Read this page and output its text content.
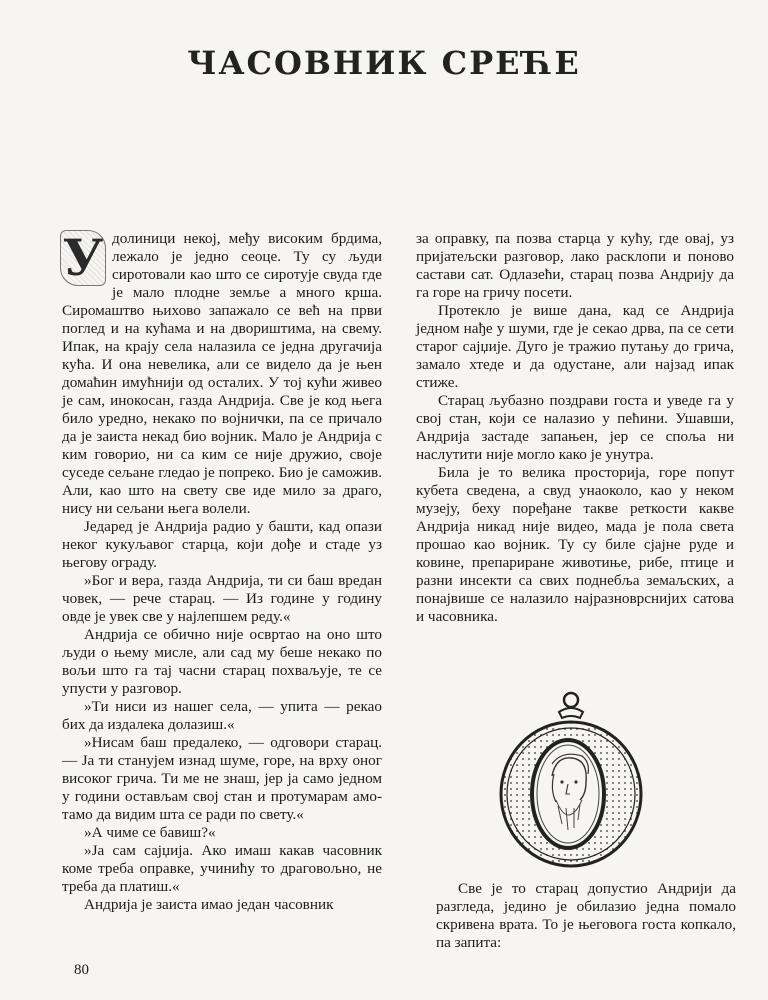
ЧАСОВНИК СРЕЋЕ

У долиници некој, међу високим брдима, лежало је једно сеоце. Ту су људи сиротовали као што се сиротује свуда где је мало плодне земље а много крша. Сиромаштво њихово запажало се већ на први поглед и на кућама и на двориштима, на свему. Ипак, на крају села налазила се једна другачија кућа. И она невелика, али се видело да је њен домаћин имућнији од осталих. У тој кући живео је сам, инокосан, газда Андрија. Све је код њега било уредно, некако по војнички, па се причало да је заиста некад био војник. Мало је Андрија с ким говорио, ни са ким се није дружио, своје суседе сељане гледао је попреко. Био је саможив. Али, као што на свету све иде мило за драго, нису ни сељани њега волели.

Једаред је Андрија радио у башти, кад опази неког кукуљавог старца, који дође и стаде уз његову ограду.

»Бог и вера, газда Андрија, ти си баш вредан човек, — рече старац. — Из године у годину овде је увек све у најлепшем реду.«

Андрија се обично није освртао на оно што људи о њему мисле, али сад му беше некако по вољи што га тај часни старац похваљује, те се упусти у разговор.

»Ти ниси из нашег села, — упита — рекао бих да издалека долазиш.«

»Нисам баш предалеко, — одговори старац. — Ја ти станујем изнад шуме, горе, на врху оног високог грича. Ти ме не знаш, јер ја само једном у години остављам свој стан и протумарам амо-тамо да видим шта се ради по свету.«

»А чиме се бавиш?«

»Ја сам сајџија. Ако имаш какав часовник коме треба оправке, учинићу то драговољно, не треба да платиш.«

Андрија је заиста имао један часовник

за оправку, па позва старца у кућу, где овај, уз пријатељски разговор, лако расклопи и поново састави сат. Одлазећи, старац позва Андрију да га горе на гричу посети.

Протекло је више дана, кад се Андрија једном нађе у шуми, где је секао дрва, па се сети старог сајџије. Дуго је тражио путању до грича, замало хтеде и да одустане, али најзад ипак стиже.

Старац љубазно поздрави госта и уведе га у свој стан, који се налазио у пећини. Ушавши, Андрија застаде запањен, јер се споља ни наслутити није могло како је унутра.

Била је то велика просторија, горе попут кубета сведена, а свуд унаоколо, као у неком музеју, беху поређане такве реткости какве Андрија никад није видео, мада је пола света прошао као војник. Ту су биле сјајне руде и ковине, препариране животиње, рибе, птице и разни инсекти са свих поднебља земаљских, а понајвише се налазило најразноврснијих сатова и часовника.

Све је то старац допустио Андрији да разгледа, једино је обилазио једна помало скривена врата. То је његовога госта копкало, па запита:

80
